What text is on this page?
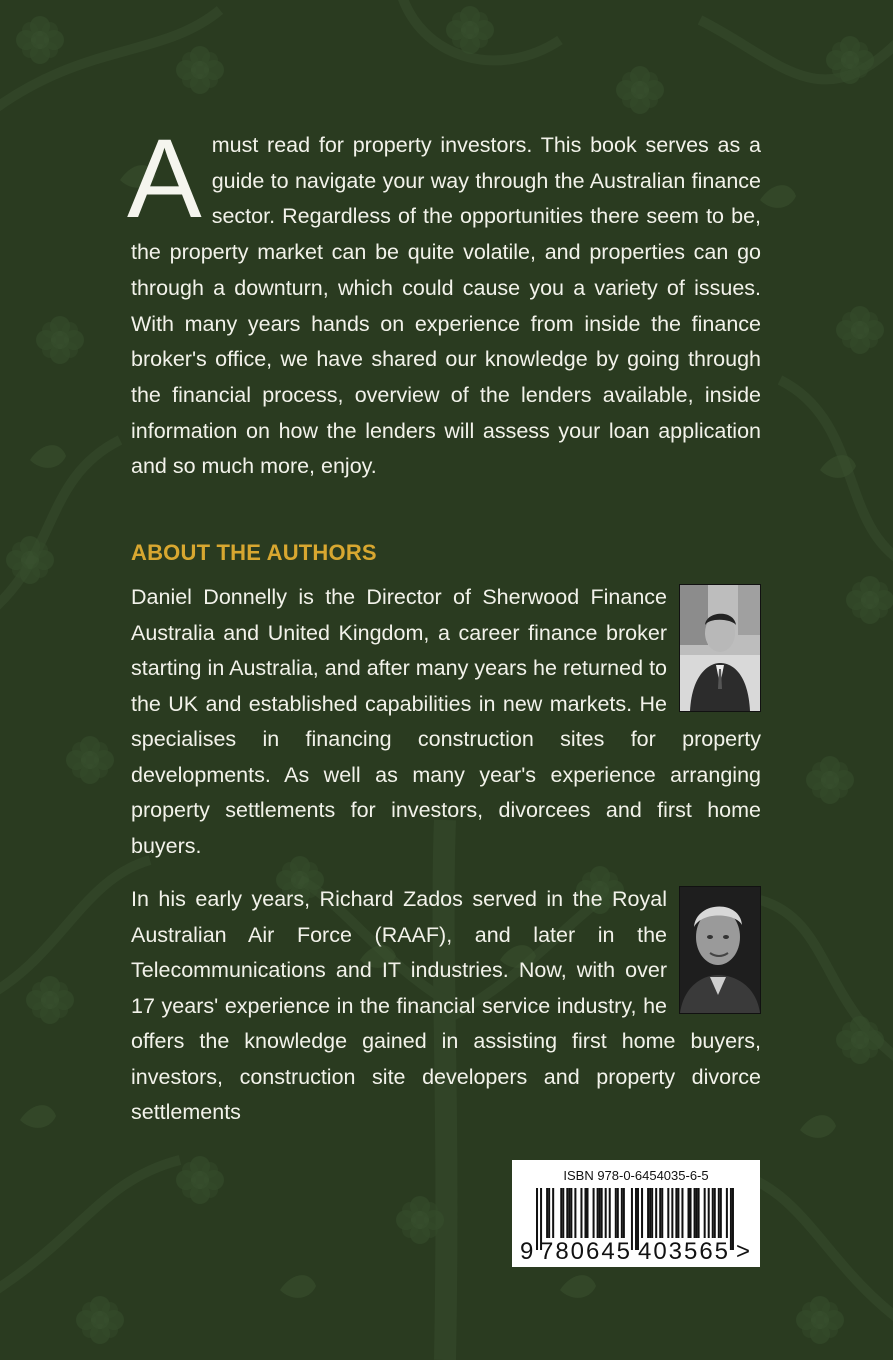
Amust read for property investors. This book serves as a guide to navigate your way through the Australian finance sector. Regardless of the opportunities there seem to be, the property market can be quite volatile, and properties can go through a downturn, which could cause you a variety of issues. With many years hands on experience from inside the finance broker's office, we have shared our knowledge by going through the financial process, overview of the lenders available, inside information on how the lenders will assess your loan application and so much more, enjoy.

ABOUT THE AUTHORS

Daniel Donnelly is the Director of Sherwood Finance Australia and United Kingdom, a career finance broker starting in Australia, and after many years he returned to the UK and established capabilities in new markets. He specialises in financing construction sites for property developments. As well as many year's experience arranging property settlements for investors, divorcees and first home buyers.

In his early years, Richard Zados served in the Royal Australian Air Force (RAAF), and later in the Telecommunications and IT industries. Now, with over 17 years' experience in the financial service industry, he offers the knowledge gained in assisting first home buyers, investors, construction site developers and property divorce settlements

ISBN 978-0-6454035-6-5
9 780645 403565 >
